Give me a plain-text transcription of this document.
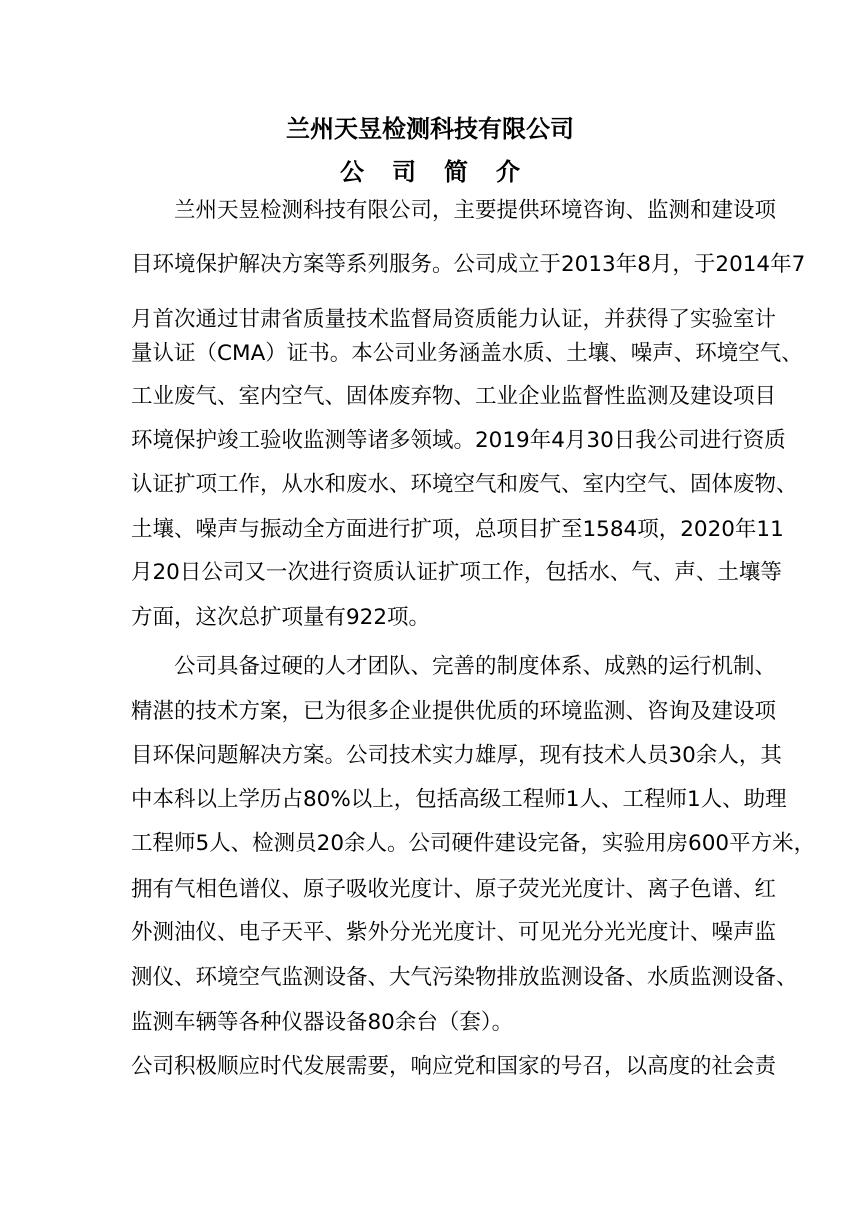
兰州天昱检测科技有限公司
公司简介
兰州天昱检测科技有限公司，主要提供环境咨询、监测和建设项
目环境保护解决方案等系列服务。公司成立于2013年8月，于2014年7
月首次通过甘肃省质量技术监督局资质能力认证，并获得了实验室计
量认证（CMA）证书。本公司业务涵盖水质、土壤、噪声、环境空气、
工业废气、室内空气、固体废弃物、工业企业监督性监测及建设项目
环境保护竣工验收监测等诸多领域。2019年4月30日我公司进行资质
认证扩项工作，从水和废水、环境空气和废气、室内空气、固体废物、
土壤、噪声与振动全方面进行扩项，总项目扩至1584项，2020年11
月20日公司又一次进行资质认证扩项工作，包括水、气、声、土壤等
方面，这次总扩项量有922项。
公司具备过硬的人才团队、完善的制度体系、成熟的运行机制、
精湛的技术方案，已为很多企业提供优质的环境监测、咨询及建设项
目环保问题解决方案。公司技术实力雄厚，现有技术人员30余人，其
中本科以上学历占80%以上，包括高级工程师1人、工程师1人、助理
工程师5人、检测员20余人。公司硬件建设完备，实验用房600平方米，
拥有气相色谱仪、原子吸收光度计、原子荧光光度计、离子色谱、红
外测油仪、电子天平、紫外分光光度计、可见光分光光度计、噪声监
测仪、环境空气监测设备、大气污染物排放监测设备、水质监测设备、
监测车辆等各种仪器设备80余台（套）。
公司积极顺应时代发展需要，响应党和国家的号召，以高度的社会责
